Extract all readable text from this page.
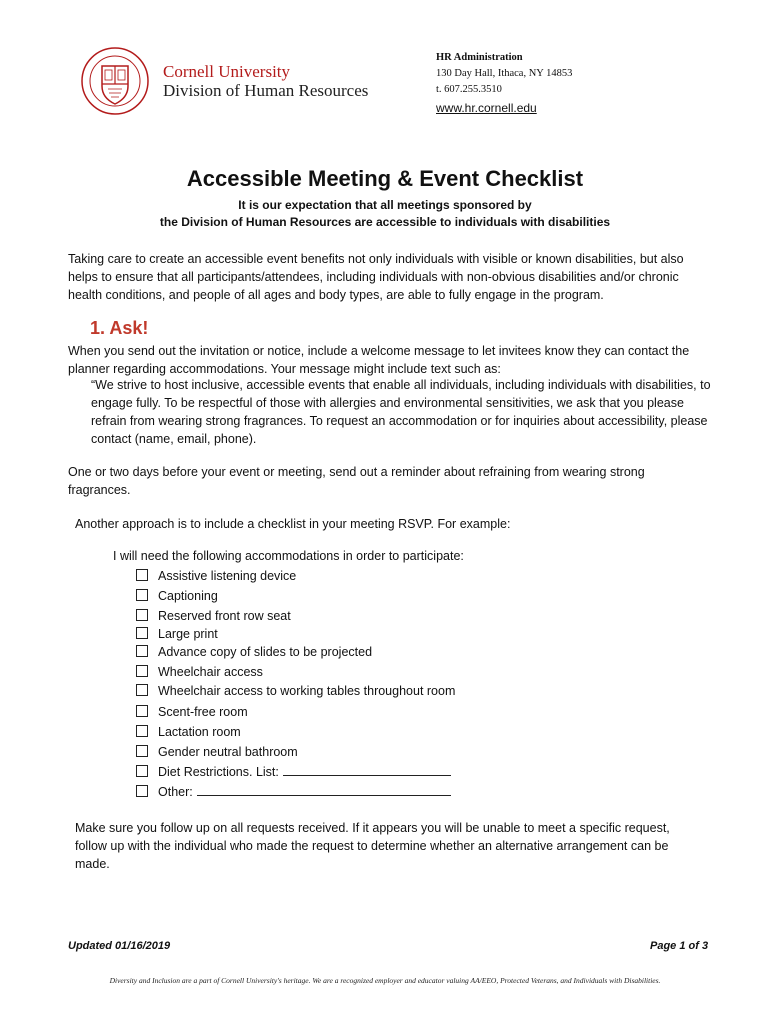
Cornell University
Division of Human Resources
HR Administration
130 Day Hall, Ithaca, NY 14853
t. 607.255.3510
www.hr.cornell.edu
Accessible Meeting & Event Checklist
It is our expectation that all meetings sponsored by
the Division of Human Resources are accessible to individuals with disabilities
Taking care to create an accessible event benefits not only individuals with visible or known disabilities, but also helps to ensure that all participants/attendees, including individuals with non-obvious disabilities and/or chronic health conditions, and people of all ages and body types, are able to fully engage in the program.
1. Ask!
When you send out the invitation or notice, include a welcome message to let invitees know they can contact the planner regarding accommodations. Your message might include text such as:
“We strive to host inclusive, accessible events that enable all individuals, including individuals with disabilities, to engage fully. To be respectful of those with allergies and environmental sensitivities, we ask that you please refrain from wearing strong fragrances. To request an accommodation or for inquiries about accessibility, please contact (name, email, phone).
One or two days before your event or meeting, send out a reminder about refraining from wearing strong fragrances.
Another approach is to include a checklist in your meeting RSVP. For example:
I will need the following accommodations in order to participate:
Assistive listening device
Captioning
Reserved front row seat
Large print
Advance copy of slides to be projected
Wheelchair access
Wheelchair access to working tables throughout room
Scent-free room
Lactation room
Gender neutral bathroom
Diet Restrictions. List:
Other:
Make sure you follow up on all requests received. If it appears you will be unable to meet a specific request, follow up with the individual who made the request to determine whether an alternative arrangement can be made.
Updated 01/16/2019	Page 1 of 3
Diversity and Inclusion are a part of Cornell University's heritage. We are a recognized employer and educator valuing AA/EEO, Protected Veterans, and Individuals with Disabilities.
